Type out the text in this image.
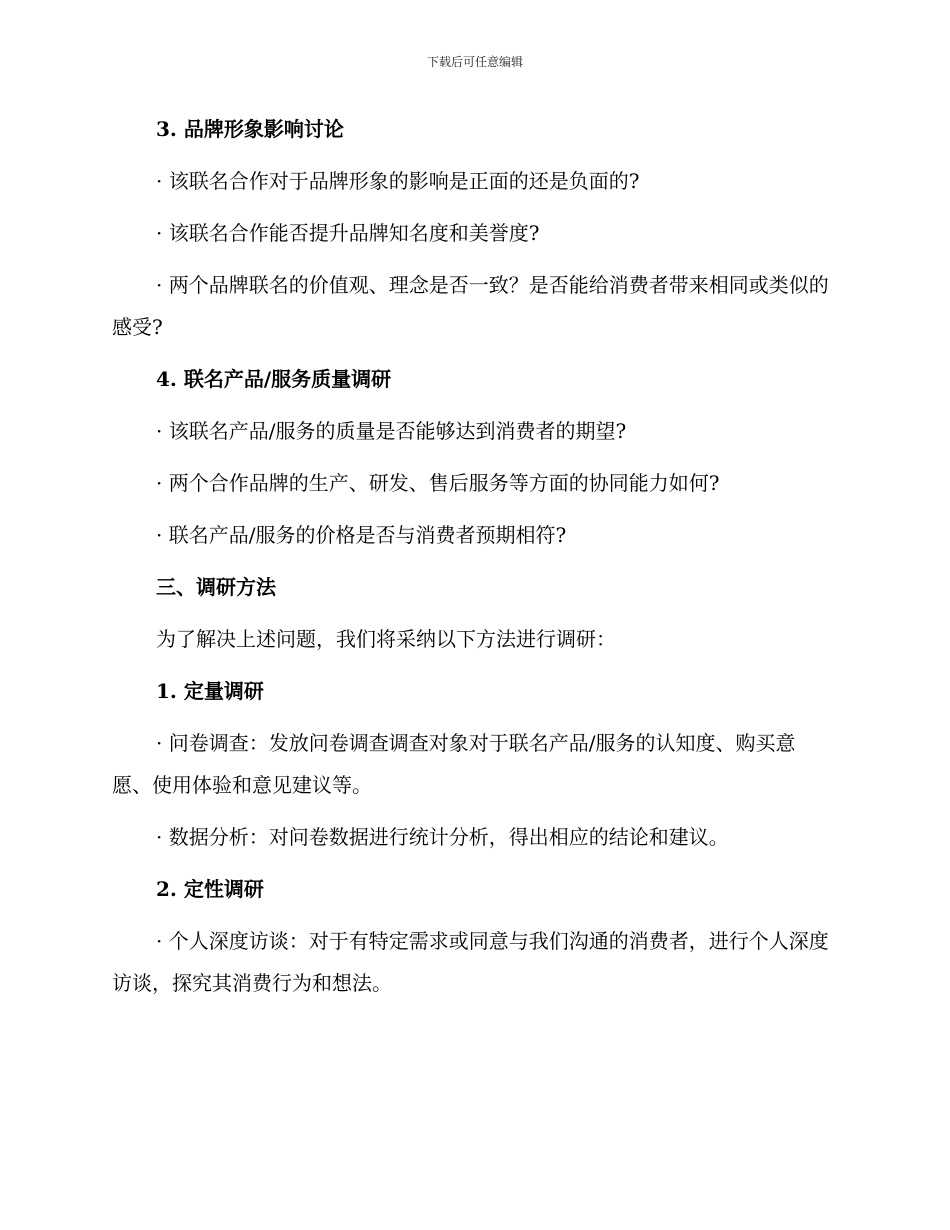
下载后可任意编辑

3. 品牌形象影响讨论

· 该联名合作对于品牌形象的影响是正面的还是负面的?

· 该联名合作能否提升品牌知名度和美誉度?

· 两个品牌联名的价值观、理念是否一致？是否能给消费者带来相同或类似的感受?

4. 联名产品/服务质量调研

· 该联名产品/服务的质量是否能够达到消费者的期望?

· 两个合作品牌的生产、研发、售后服务等方面的协同能力如何?

· 联名产品/服务的价格是否与消费者预期相符?

三、调研方法

为了解决上述问题，我们将采纳以下方法进行调研：

1. 定量调研

· 问卷调查：发放问卷调查调查对象对于联名产品/服务的认知度、购买意愿、使用体验和意见建议等。

· 数据分析：对问卷数据进行统计分析，得出相应的结论和建议。

2. 定性调研

· 个人深度访谈：对于有特定需求或同意与我们沟通的消费者，进行个人深度访谈，探究其消费行为和想法。
